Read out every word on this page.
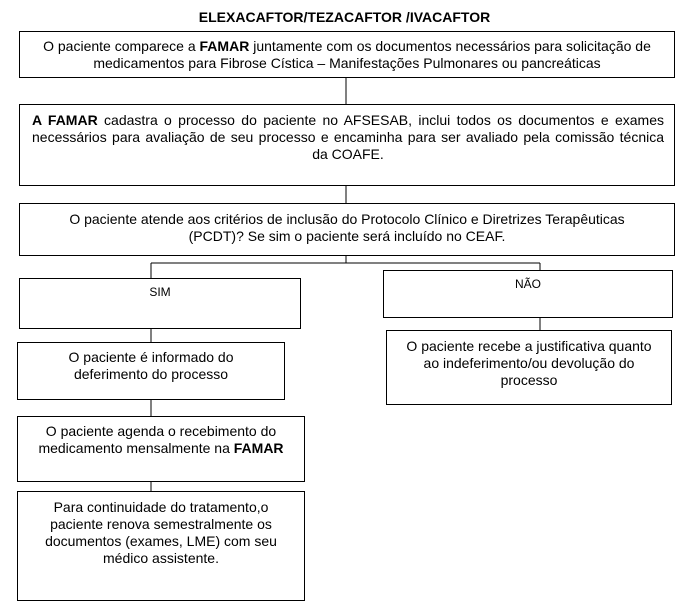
ELEXACAFTOR/TEZACAFTOR /IVACAFTOR
O paciente comparece a FAMAR juntamente com os documentos necessários para solicitação de medicamentos para Fibrose Cística – Manifestações Pulmonares ou pancreáticas
A FAMAR cadastra o processo do paciente no AFSESAB, inclui todos os documentos e exames necessários para avaliação de seu processo e encaminha para ser avaliado pela comissão técnica da COAFE.
O paciente atende aos critérios de inclusão do Protocolo Clínico e Diretrizes Terapêuticas (PCDT)? Se sim o paciente será incluído no CEAF.
SIM
NÃO
O paciente é informado do deferimento do processo
O paciente recebe a justificativa quanto ao indeferimento/ou devolução do processo
O paciente agenda o recebimento do medicamento mensalmente na FAMAR
Para continuidade do tratamento,o paciente renova semestralmente os documentos (exames, LME) com seu médico assistente.
